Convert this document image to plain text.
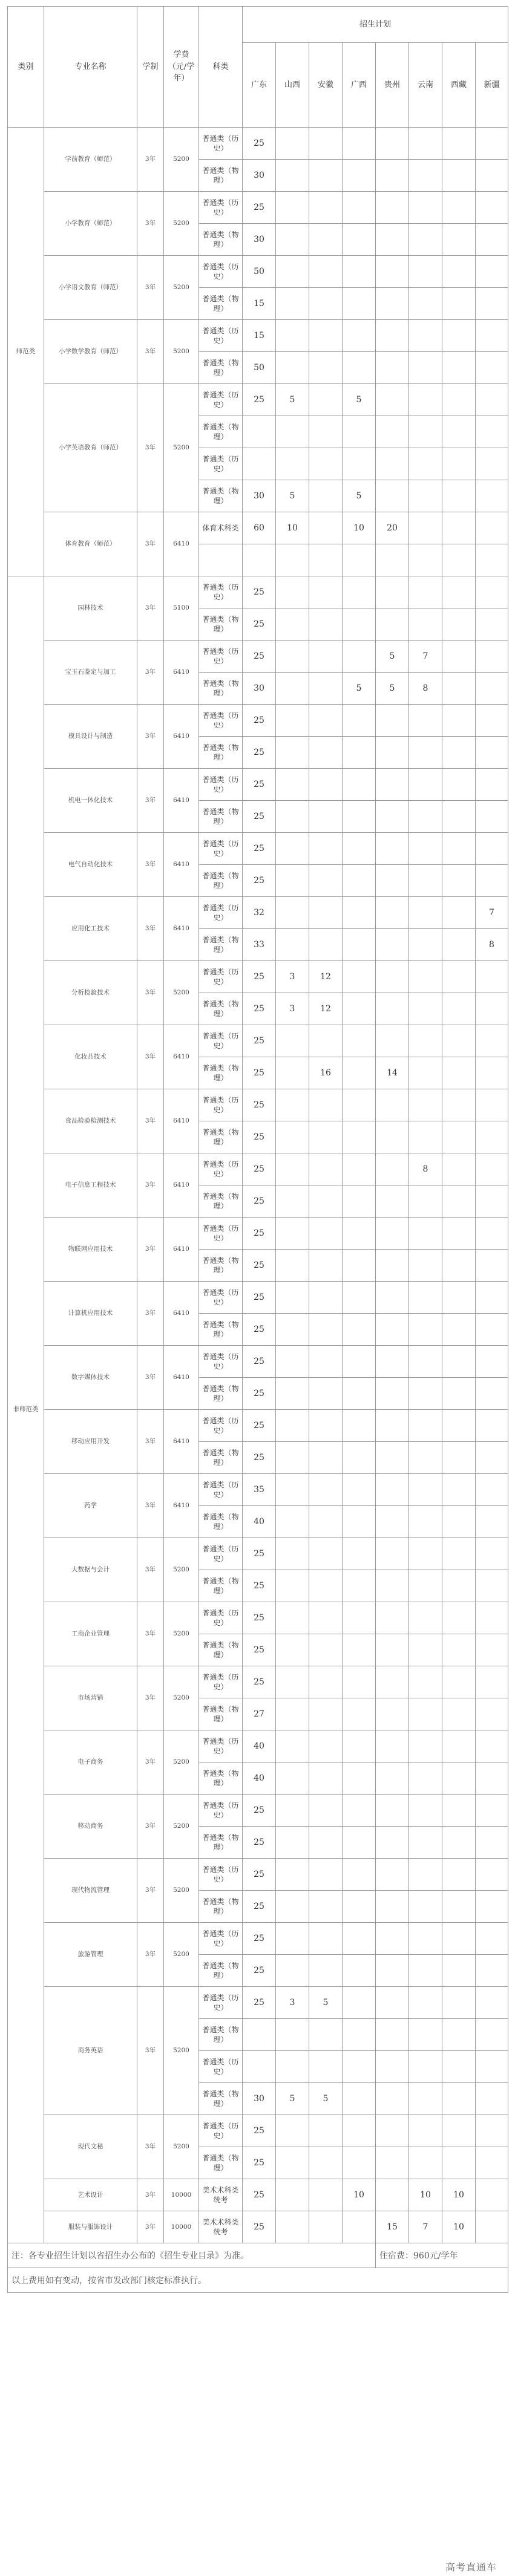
类别	专业名称	学制	学费
（元/学年）	科类	招生计划							
					广东	山西	安徽	广西	贵州	云南	西藏	新疆
师范类	学前教育（师范）	3年	5200	普通类（历史）	25							
				普通类（物理）	30							
	小学教育（师范）	3年	5200	普通类（历史）	25							
				普通类（物理）	30							
	小学语文教育（师范）	3年	5200	普通类（历史）	50							
				普通类（物理）	15							
	小学数学教育（师范）	3年	5200	普通类（历史）	15							
				普通类（物理）	50							
	小学英语教育（师范）	3年	5200	普通类（历史）	25	5		5				
				普通类（物理）								
				普通类（历史）								
				普通类（物理）	30	5		5				
	体育教育（师范）	3年	6410	体育术科类	60	10		10	20			

非师范类	园林技术	3年	5100	普通类（历史）	25							
				普通类（物理）	25							
	宝玉石鉴定与加工	3年	6410	普通类（历史）	25				5	7		
				普通类（物理）	30			5	5	8		
	模具设计与制造	3年	6410	普通类（历史）	25							
				普通类（物理）	25							
	机电一体化技术	3年	6410	普通类（历史）	25							
				普通类（物理）	25							
	电气自动化技术	3年	6410	普通类（历史）	25							
				普通类（物理）	25							
	应用化工技术	3年	6410	普通类（历史）	32							7
				普通类（物理）	33							8
	分析检验技术	3年	5200	普通类（历史）	25	3	12					
				普通类（物理）	25	3	12					
	化妆品技术	3年	6410	普通类（历史）	25							
				普通类（物理）	25		16		14			
	食品检验检测技术	3年	6410	普通类（历史）	25							
				普通类（物理）	25							
	电子信息工程技术	3年	6410	普通类（历史）	25					8		
				普通类（物理）	25							
	物联网应用技术	3年	6410	普通类（历史）	25							
				普通类（物理）	25							
	计算机应用技术	3年	6410	普通类（历史）	25							
				普通类（物理）	25							
	数字媒体技术	3年	6410	普通类（历史）	25							
				普通类（物理）	25							
	移动应用开发	3年	6410	普通类（历史）	25							
				普通类（物理）	25							
	药学	3年	6410	普通类（历史）	35							
				普通类（物理）	40							
	大数据与会计	3年	5200	普通类（历史）	25							
				普通类（物理）	25							
	工商企业管理	3年	5200	普通类（历史）	25							
				普通类（物理）	25							
	市场营销	3年	5200	普通类（历史）	25							
				普通类（物理）	27							
	电子商务	3年	5200	普通类（历史）	40							
				普通类（物理）	40							
	移动商务	3年	5200	普通类（历史）	25							
				普通类（物理）	25							
	现代物流管理	3年	5200	普通类（历史）	25							
				普通类（物理）	25							
	旅游管理	3年	5200	普通类（历史）	25							
				普通类（物理）	25							
	商务英语	3年	5200	普通类（历史）	25	3	5					
				普通类（物理）								
				普通类（历史）								
				普通类（物理）	30	5	5					
	现代文秘	3年	5200	普通类（历史）	25							
				普通类（物理）	25							
	艺术设计	3年	10000	美术术科类统考	25			10		10	10	
	服装与服饰设计	3年	10000	美术术科类统考	25				15	7	10	
注：各专业招生计划以省招生办公布的《招生专业目录》为准。									住宿费：960元/学年			
以上费用如有变动，按省市发改部门核定标准执行。												
高考直通车
